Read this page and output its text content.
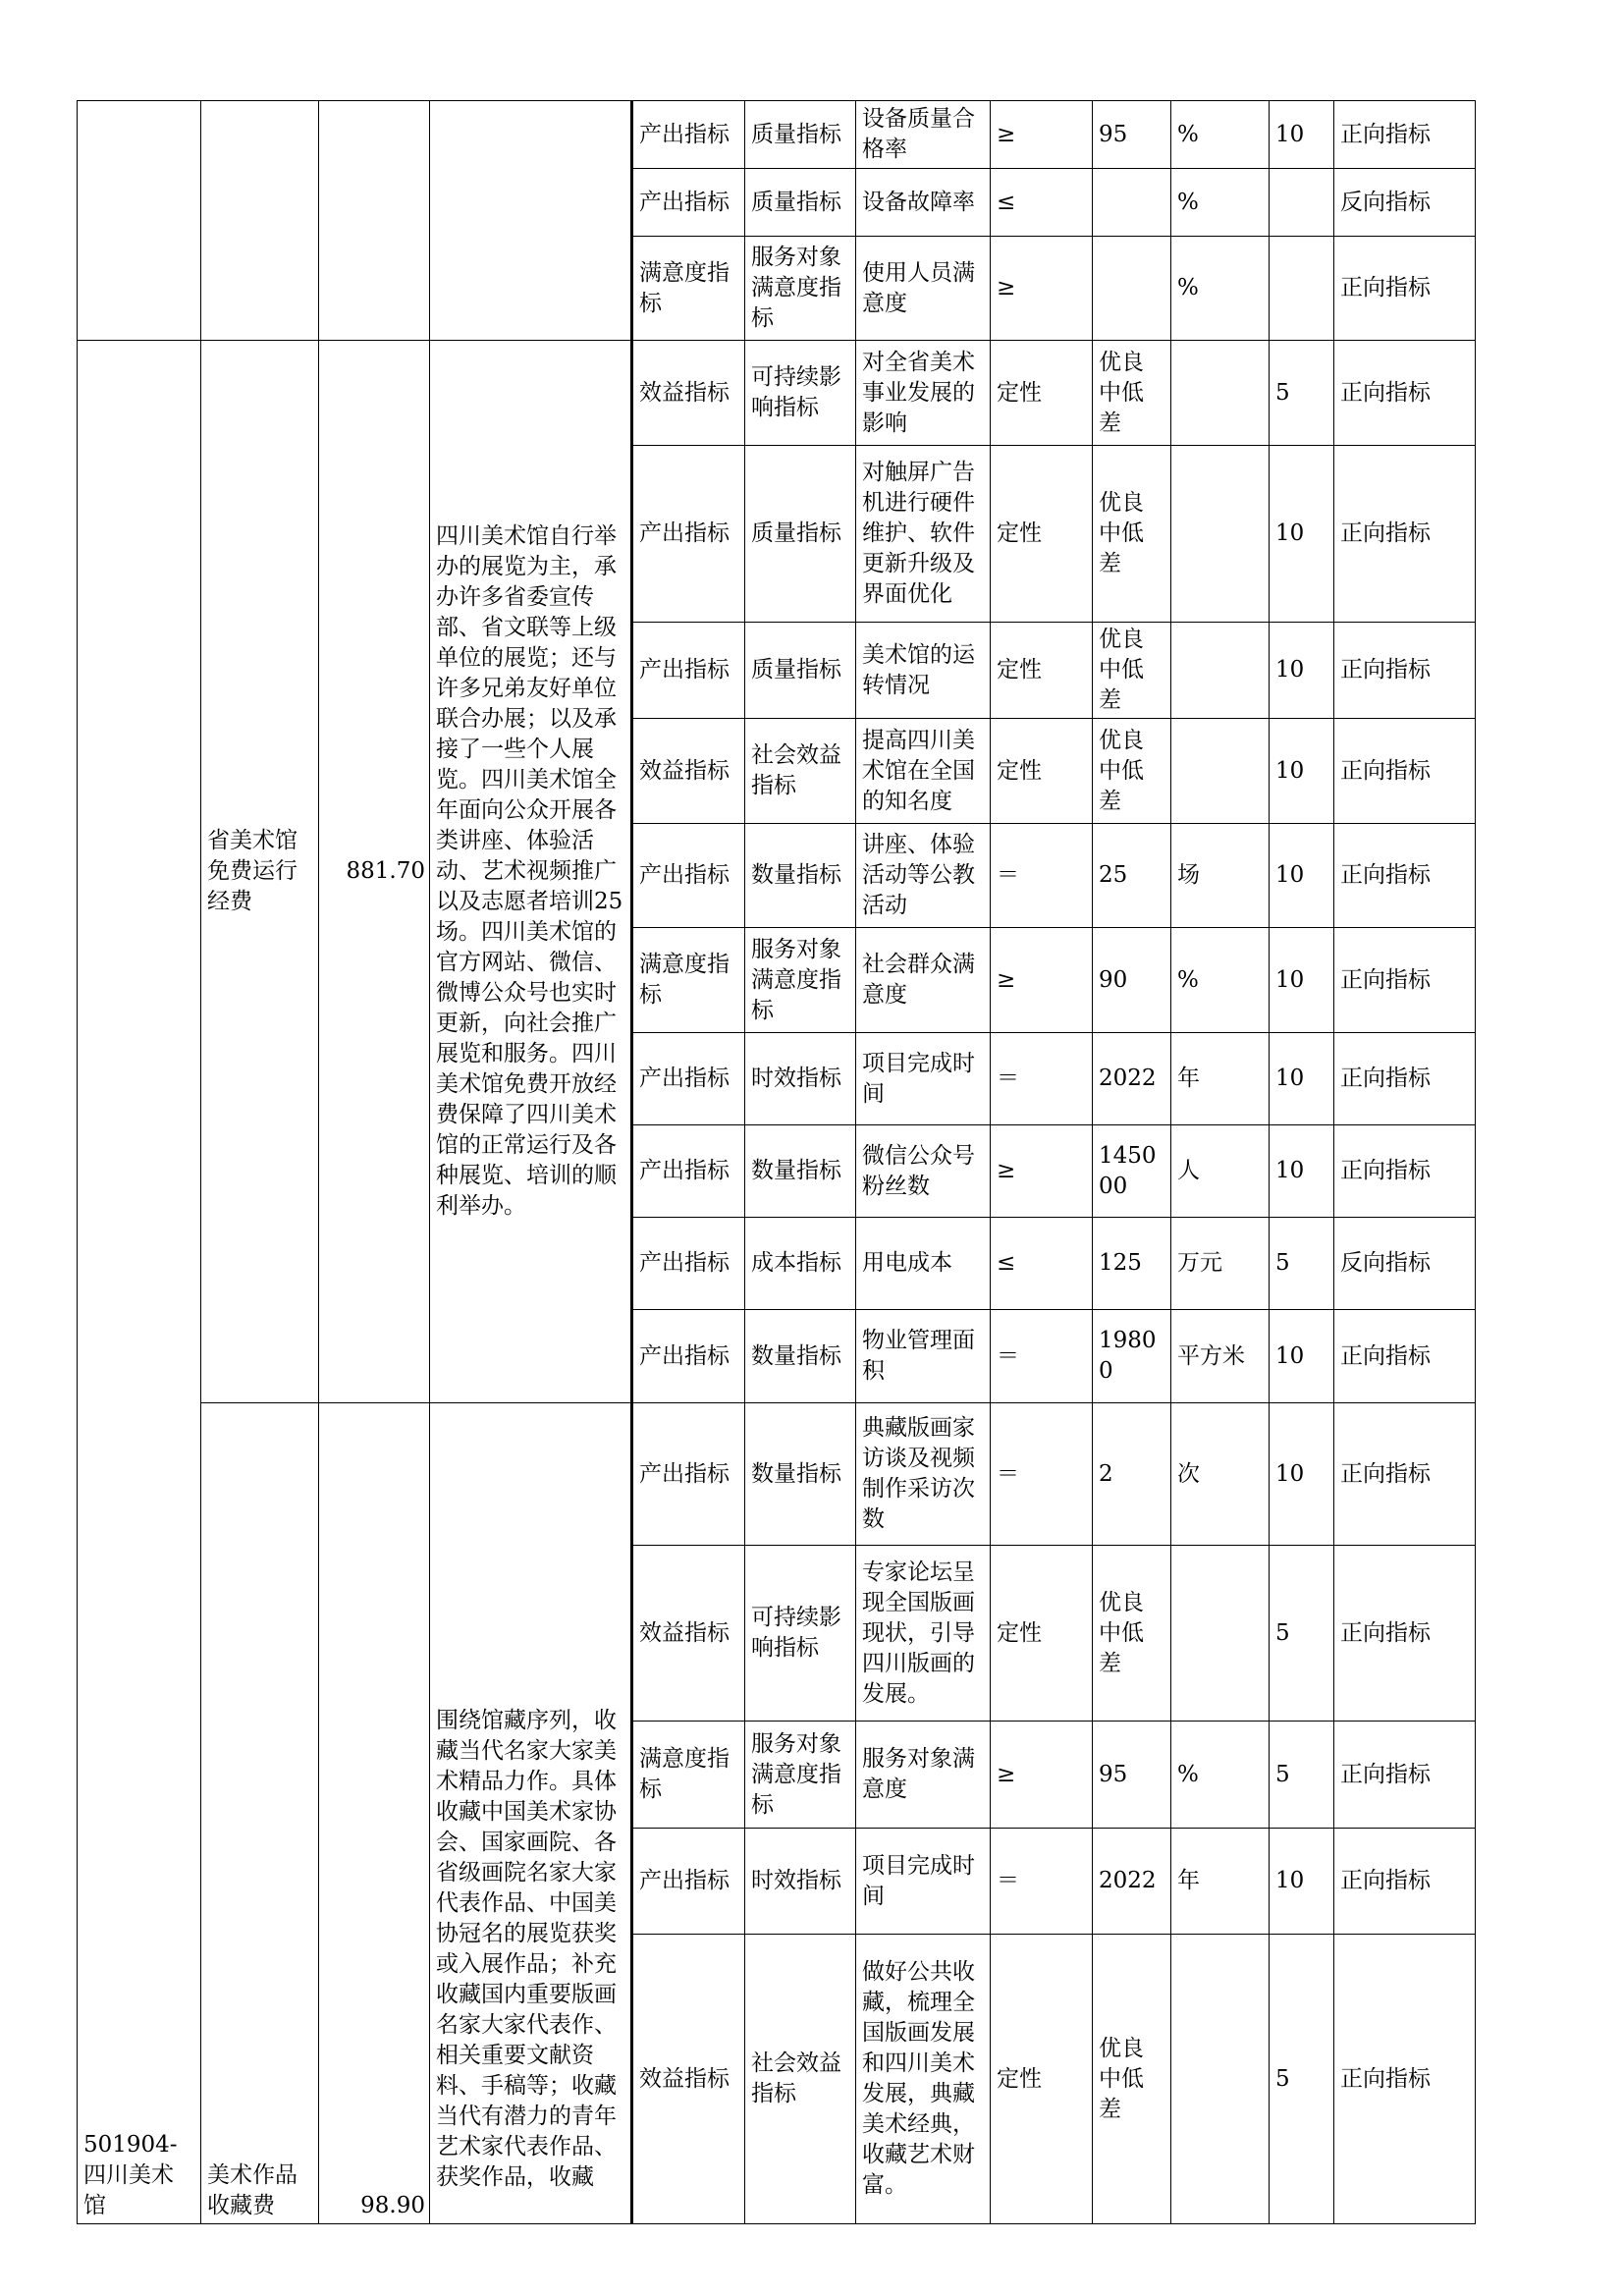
				产出指标	质量指标	设备质量合格率	≥	95	%	10	正向指标
				产出指标	质量指标	设备故障率	≤		%		反向指标
				满意度指标	服务对象满意度指标	使用人员满意度	≥		%		正向指标
501904-四川美术馆	省美术馆免费运行经费	881.70	四川美术馆自行举办的展览为主，承办许多省委宣传部、省文联等上级单位的展览；还与许多兄弟友好单位联合办展；以及承接了一些个人展览。四川美术馆全年面向公众开展各类讲座、体验活动、艺术视频推广以及志愿者培训25场。四川美术馆的官方网站、微信、微博公众号也实时更新，向社会推广展览和服务。四川美术馆免费开放经费保障了四川美术馆的正常运行及各种展览、培训的顺利举办。	效益指标	可持续影响指标	对全省美术事业发展的影响	定性	优良中低差		5	正向指标
				产出指标	质量指标	对触屏广告机进行硬件维护、软件更新升级及界面优化	定性	优良中低差		10	正向指标
				产出指标	质量指标	美术馆的运转情况	定性	优良中低差		10	正向指标
				效益指标	社会效益指标	提高四川美术馆在全国的知名度	定性	优良中低差		10	正向指标
				产出指标	数量指标	讲座、体验活动等公教活动	＝	25	场	10	正向指标
				满意度指标	服务对象满意度指标	社会群众满意度	≥	90	%	10	正向指标
				产出指标	时效指标	项目完成时间	＝	2022	年	10	正向指标
				产出指标	数量指标	微信公众号粉丝数	≥	145000	人	10	正向指标
				产出指标	成本指标	用电成本	≤	125	万元	5	反向指标
				产出指标	数量指标	物业管理面积	＝	19800	平方米	10	正向指标
	美术作品收藏费	98.90	围绕馆藏序列，收藏当代名家大家美术精品力作。具体收藏中国美术家协会、国家画院、各省级画院名家大家代表作品、中国美协冠名的展览获奖或入展作品；补充收藏国内重要版画名家大家代表作、相关重要文献资料、手稿等；收藏当代有潜力的青年艺术家代表作品、获奖作品，收藏	产出指标	数量指标	典藏版画家访谈及视频制作采访次数	＝	2	次	10	正向指标
				效益指标	可持续影响指标	专家论坛呈现全国版画现状，引导四川版画的发展。	定性	优良中低差		5	正向指标
				满意度指标	服务对象满意度指标	服务对象满意度	≥	95	%	5	正向指标
				产出指标	时效指标	项目完成时间	＝	2022	年	10	正向指标
				效益指标	社会效益指标	做好公共收藏，梳理全国版画发展和四川美术发展，典藏美术经典，收藏艺术财富。	定性	优良中低差		5	正向指标
